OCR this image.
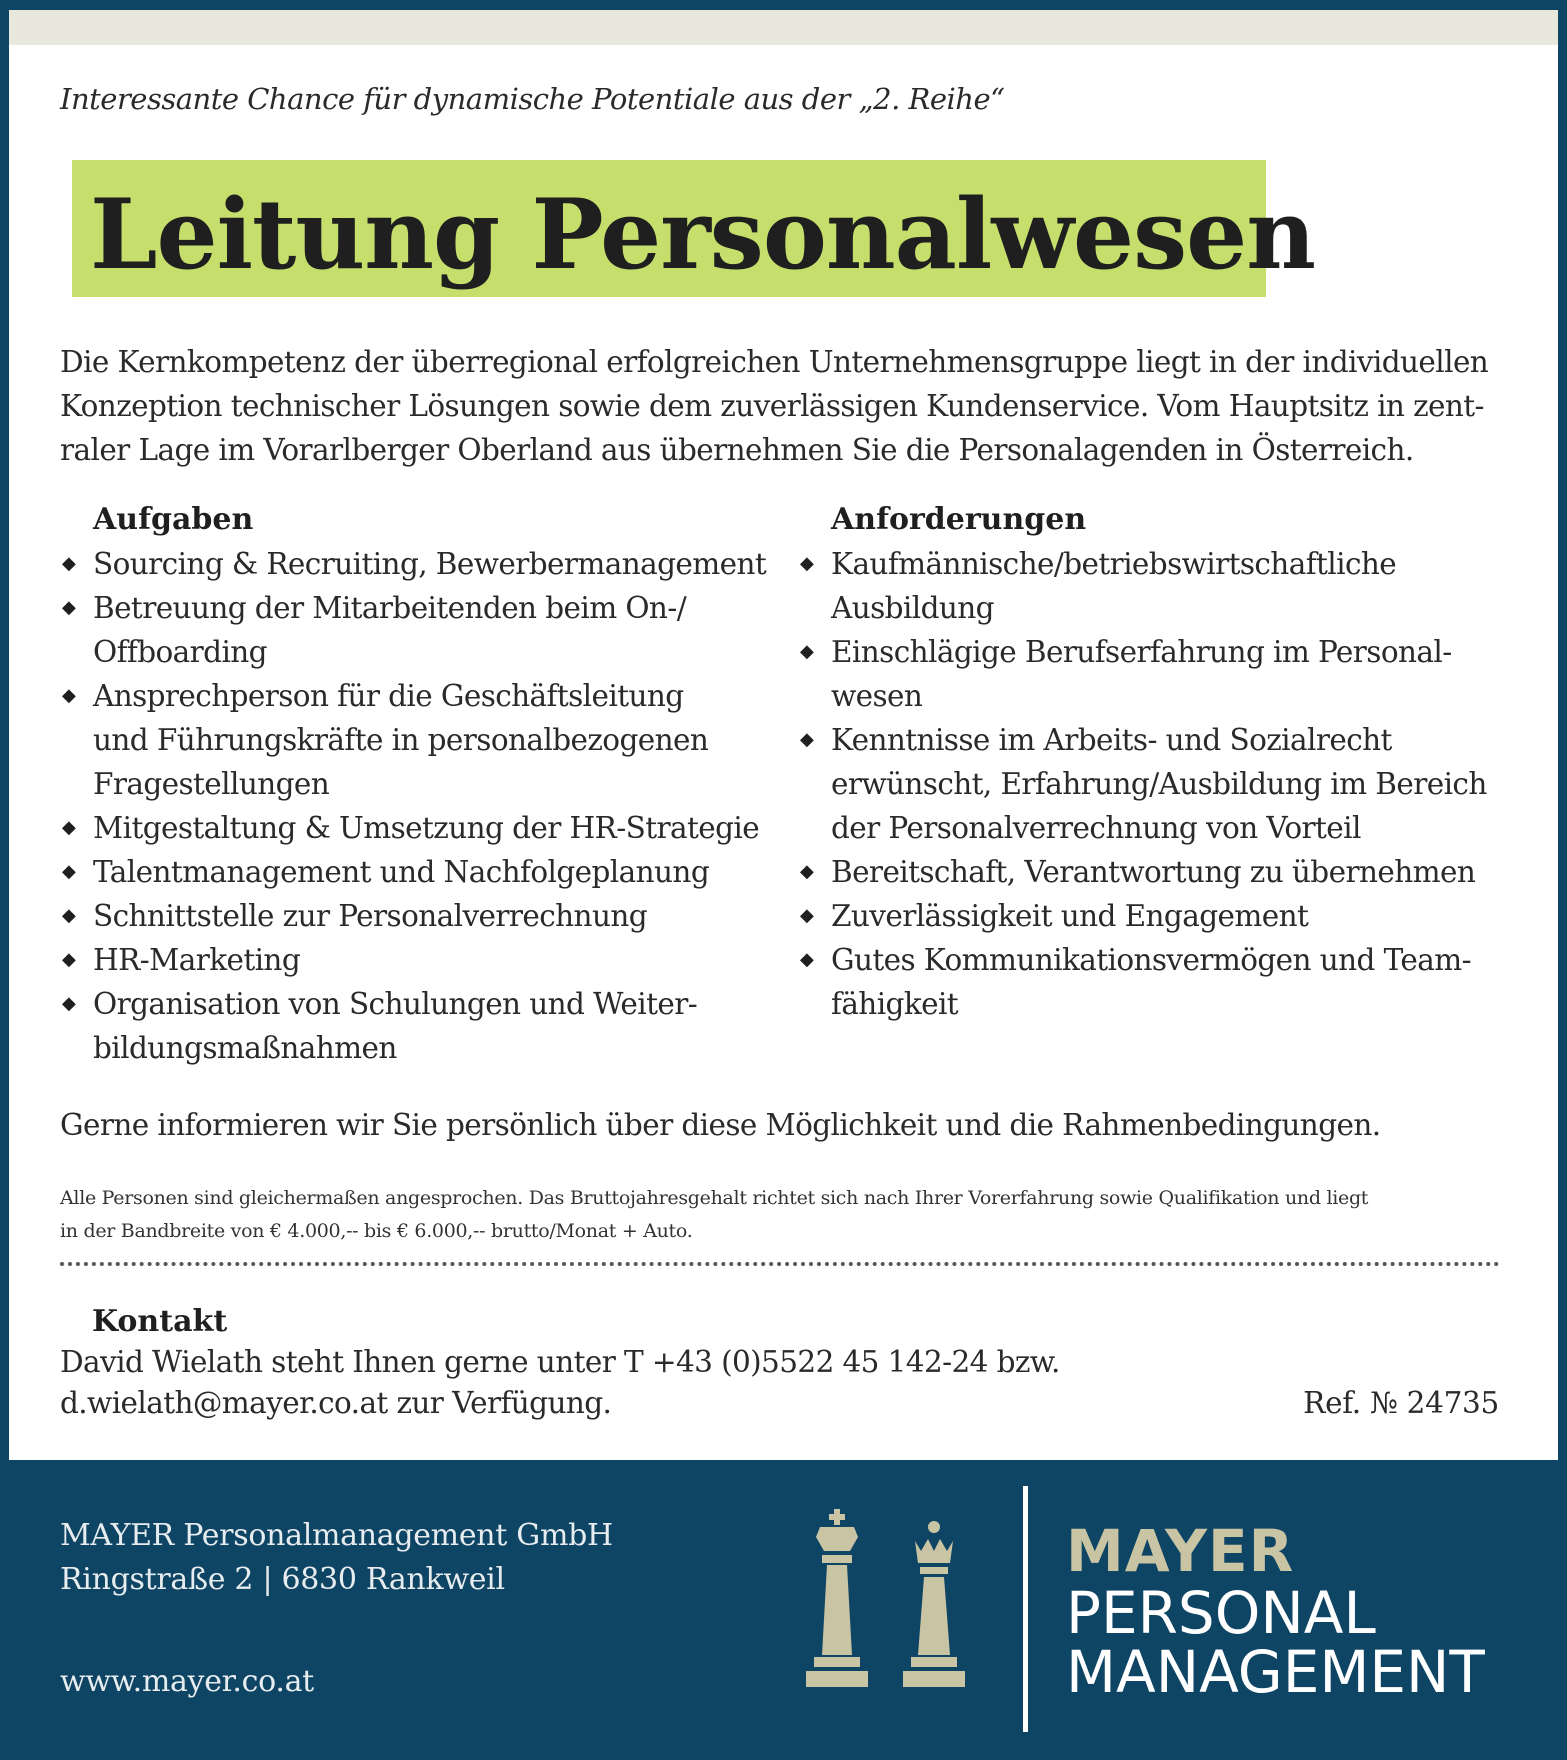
Interessante Chance für dynamische Potentiale aus der „2. Reihe“
Leitung Personalwesen
Die Kernkompetenz der überregional erfolgreichen Unternehmensgruppe liegt in der individuellen
Konzeption technischer Lösungen sowie dem zuverlässigen Kundenservice. Vom Hauptsitz in zent-
raler Lage im Vorarlberger Oberland aus übernehmen Sie die Personalagenden in Österreich.
Aufgaben
◆ Sourcing & Recruiting, Bewerbermanagement
◆ Betreuung der Mitarbeitenden beim On-/
Offboarding
◆ Ansprechperson für die Geschäftsleitung
und Führungskräfte in personalbezogenen
Fragestellungen
◆ Mitgestaltung & Umsetzung der HR-Strategie
◆ Talentmanagement und Nachfolgeplanung
◆ Schnittstelle zur Personalverrechnung
◆ HR-Marketing
◆ Organisation von Schulungen und Weiter-
bildungsmaßnahmen
Anforderungen
◆ Kaufmännische/betriebswirtschaftliche
Ausbildung
◆ Einschlägige Berufserfahrung im Personal-
wesen
◆ Kenntnisse im Arbeits- und Sozialrecht
erwünscht, Erfahrung/Ausbildung im Bereich
der Personalverrechnung von Vorteil
◆ Bereitschaft, Verantwortung zu übernehmen
◆ Zuverlässigkeit und Engagement
◆ Gutes Kommunikationsvermögen und Team-
fähigkeit
Gerne informieren wir Sie persönlich über diese Möglichkeit und die Rahmenbedingungen.
Alle Personen sind gleichermaßen angesprochen. Das Bruttojahresgehalt richtet sich nach Ihrer Vorerfahrung sowie Qualifikation und liegt
in der Bandbreite von € 4.000,-- bis € 6.000,-- brutto/Monat + Auto.
Kontakt
David Wielath steht Ihnen gerne unter T +43 (0)5522 45 142-24 bzw.
d.wielath@mayer.co.at zur Verfügung.	Ref. № 24735
MAYER Personalmanagement GmbH
Ringstraße 2 | 6830 Rankweil
www.mayer.co.at
MAYER
PERSONAL
MANAGEMENT
